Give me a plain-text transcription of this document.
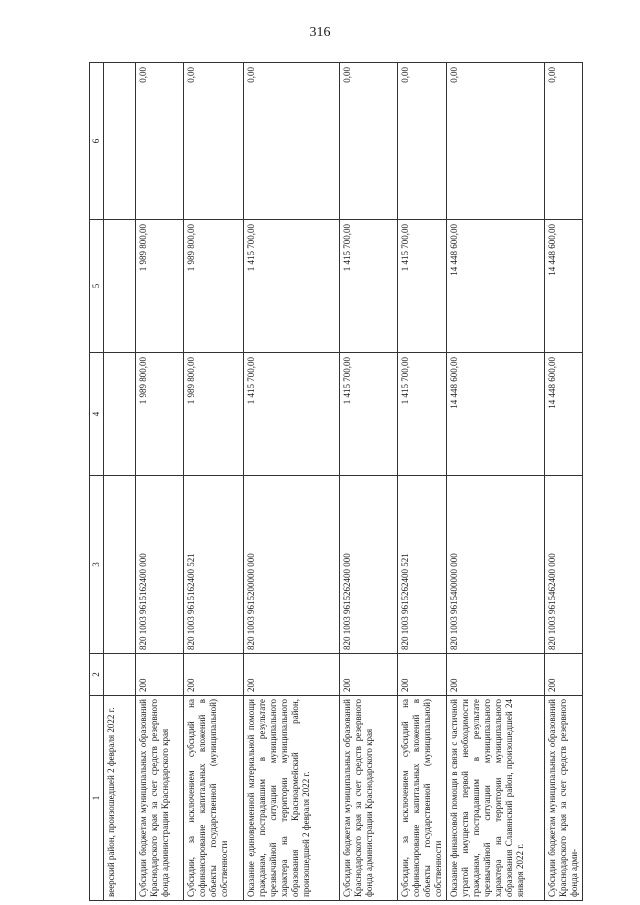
316
1	2	3	4	5	6
веерский район, произошедшей 2 февраля 2022 г.					
Субсидии бюджетам муниципальных образований Краснодарского края за счет средств резервного фонда администрации Краснодарского края	200	820 1003 9615162400 000	1 989 800,00	1 989 800,00	0,00
Субсидии, за исключением субсидий на софинансирование капитальных вложений в объекты государственной (муниципальной) собственности	200	820 1003 9615162400 521	1 989 800,00	1 989 800,00	0,00
Оказание единовременной материальной помощи гражданам, пострадавшим в результате чрезвычайной ситуации муниципального характера на территории муниципального образования Красноармейский район, произошедшей 2 февраля 2022 г.	200	820 1003 9615200000 000	1 415 700,00	1 415 700,00	0,00
Субсидии бюджетам муниципальных образований Краснодарского края за счет средств резервного фонда администрации Краснодарского края	200	820 1003 9615262400 000	1 415 700,00	1 415 700,00	0,00
Субсидии, за исключением субсидий на софинансирование капитальных вложений в объекты государственной (муниципальной) собственности	200	820 1003 9615262400 521	1 415 700,00	1 415 700,00	0,00
Оказание финансовой помощи в связи с частичной утратой имущества первой необходимости гражданам, пострадавшим в результате чрезвычайной ситуации муниципального характера на территории муниципального образования Славянский район, произошедшей 24 января 2022 г.	200	820 1003 9615400000 000	14 448 600,00	14 448 600,00	0,00
Субсидии бюджетам муниципальных образований Краснодарского края за счет средств резервного фонда адми-	200	820 1003 9615462400 000	14 448 600,00	14 448 600,00	0,00
